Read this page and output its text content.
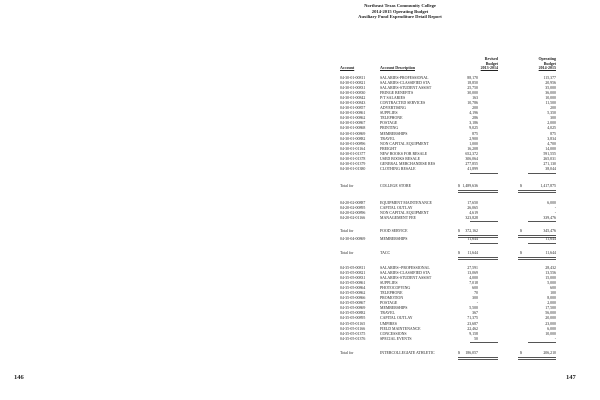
Northeast Texas Community College
2014-2015 Operating Budget
Auxiliary Fund Expenditure Detail Report
Account	Account Description
Revised
Budget
2013-2014
Operating
Budget
2014-2015
04-30-01-00811	SALARIES-PROFESSIONAL	88,170	115,377
04-30-01-00821	SALARIES-CLASSIFIED STA	18,850	20,956
04-30-01-00831	SALARIES-STUDENT ASSIST	25,750	35,000
04-30-01-00830	FRINGE BENEFITS	30,000	36,000
04-30-01-00842	P/T SALARIES	163	10,000
04-30-01-00843	CONTRACTED SERVICES	10,786	11,500
04-30-01-00857	ADVERTISING	200	200
04-30-01-00861	SUPPLIES	4,196	5,350
04-30-01-00862	TELEPHONE	286	300
04-30-01-00867	POSTAGE	3,186	2,000
04-30-01-00868	PRINTING	9,025	4,025
04-30-01-00869	MEMBERSHIPS	875	875
04-30-01-00882	TRAVEL	2,900	3,834
04-30-01-00896	NON CAPITAL EQUIPMENT	1,000	4,700
04-30-01-01164	FREIGHT	16,208	14,000
04-30-01-01377	NEW BOOKS FOR RESALE	652,372	591,555
04-30-01-01378	USED BOOKS RESALE	306,064	265,031
04-30-01-01379	GENERAL MERCHANDISE RES	277,855	271,130
04-30-01-01380	CLOTHING RESALE	41,899	38,044
Total for	COLLEGE STORE	$ 1,489,636	$	1,417,875
04-20-02-00887	EQUIPMENT MAINTENANCE	17,650	6,000
04-20-02-00895	CAPITAL OUTLAY	26,065	-
04-20-02-00896	NON CAPITAL EQUIPMENT	4,619	-
04-20-02-01166	MANAGEMENT FEE	323,828	339,476
Total for	FOOD SERVICE	$ 372,162	$	345,476
04-30-04-00869	MEMBERSHIPS	11,644	11,644
Total for	TACC	$ 11,644	$	11,644
04-35-05-00811	SALARIES--PROFESSIONAL	27,591	28,432
04-35-05-00821	SALARIES-CLASSIFIED STA	13,069	13,556
04-35-05-00831	SALARIES-STUDENT ASSIST	4,000	15,000
04-35-05-00861	SUPPLIES	7,018	5,000
04-35-05-00864	PHOTOCOPYING	600	600
04-35-05-00862	TELEPHONE	70	100
04-35-05-00866	PROMOTION	300	8,000
04-35-05-00867	POSTAGE	-	2,000
04-35-05-00869	MEMBERSHIPS	5,500	17,500
04-35-05-00882	TRAVEL	367	56,000
04-35-05-00895	CAPITAL OUTLAY	71,375	20,000
04-35-05-01165	UMPIRES	23,687	23,000
04-35-05-01166	FIELD MAINTENANCE	22,462	6,000
04-35-05-01375	CONCESSIONS	9,158	10,000
04-35-05-01376	SPECIAL EVENTS	50	-
Total for	INTERCOLLEGIATE ATHLETIC	$ 186,057	$	206,210
146	147
